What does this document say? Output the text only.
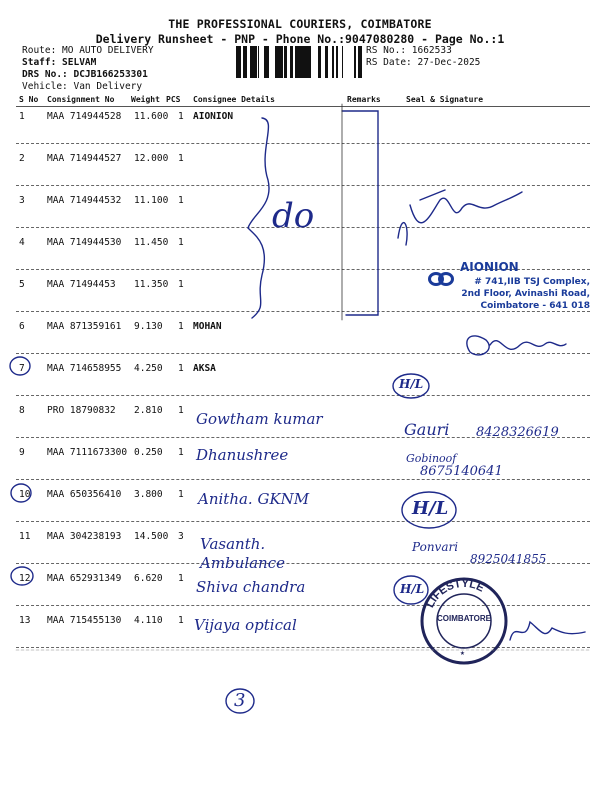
THE PROFESSIONAL COURIERS, COIMBATORE
Delivery Runsheet - PNP - Phone No.:9047080280 - Page No.:1
Route: MO AUTO DELIVERY
Staff: SELVAM
DRS No.: DCJB166253301
Vehicle: Van Delivery
RS No.: 1662533
RS Date: 27-Dec-2025
S No Consignment No Weight PCS Consignee Details	Remarks	Seal & Signature
1 MAA 714944528 11.600 1 AIONION
2 MAA 714944527 12.000 1
3 MAA 714944532 11.100 1
4 MAA 714944530 11.450 1
5 MAA 71494453 11.350 1
6 MAA 871359161 9.130 1 MOHAN
7 MAA 714658955 4.250 1 AKSA
8 PRO 18790832 2.810 1
9 MAA 7111673300 0.250 1
10 MAA 650356410 3.800 1
11 MAA 304238193 14.500 3
12 MAA 652931349 6.620 1
13 MAA 715455130 4.110 1
AIONION
# 741,IIB TSJ Complex,
2nd Floor, Avinashi Road,
Coimbatore - 641 018
LIFESTYLE
COIMBATORE
★
do
Gowtham kumar
Dhanushree
Anitha. GKNM
Vasanth.
Ambulance
Shiva chandra
Vijaya optical
Gauri 8428326619
Gobinoof
8675140641
Ponvari
8925041855
H/L
H/L
H/L
3
